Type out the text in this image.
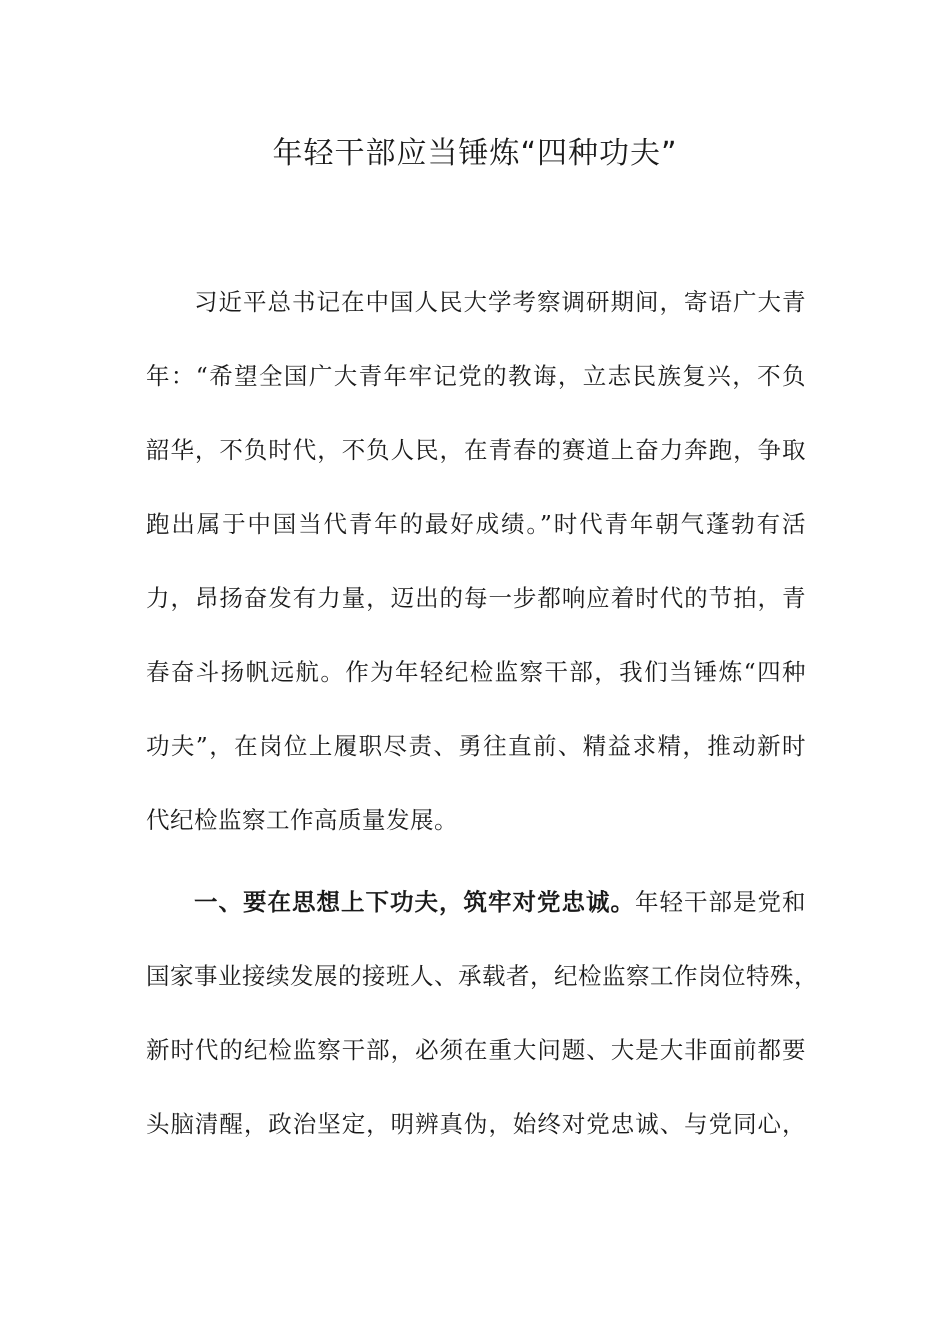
年轻干部应当锤炼“四种功夫”
习近平总书记在中国人民大学考察调研期间，寄语广大青
年：“希望全国广大青年牢记党的教诲，立志民族复兴，不负
韶华，不负时代，不负人民，在青春的赛道上奋力奔跑，争取
跑出属于中国当代青年的最好成绩。”时代青年朝气蓬勃有活
力，昂扬奋发有力量，迈出的每一步都响应着时代的节拍，青
春奋斗扬帆远航。作为年轻纪检监察干部，我们当锤炼“四种
功夫”，在岗位上履职尽责、勇往直前、精益求精，推动新时
代纪检监察工作高质量发展。
一、要在思想上下功夫，筑牢对党忠诚。年轻干部是党和
国家事业接续发展的接班人、承载者，纪检监察工作岗位特殊，
新时代的纪检监察干部，必须在重大问题、大是大非面前都要
头脑清醒，政治坚定，明辨真伪，始终对党忠诚、与党同心，
